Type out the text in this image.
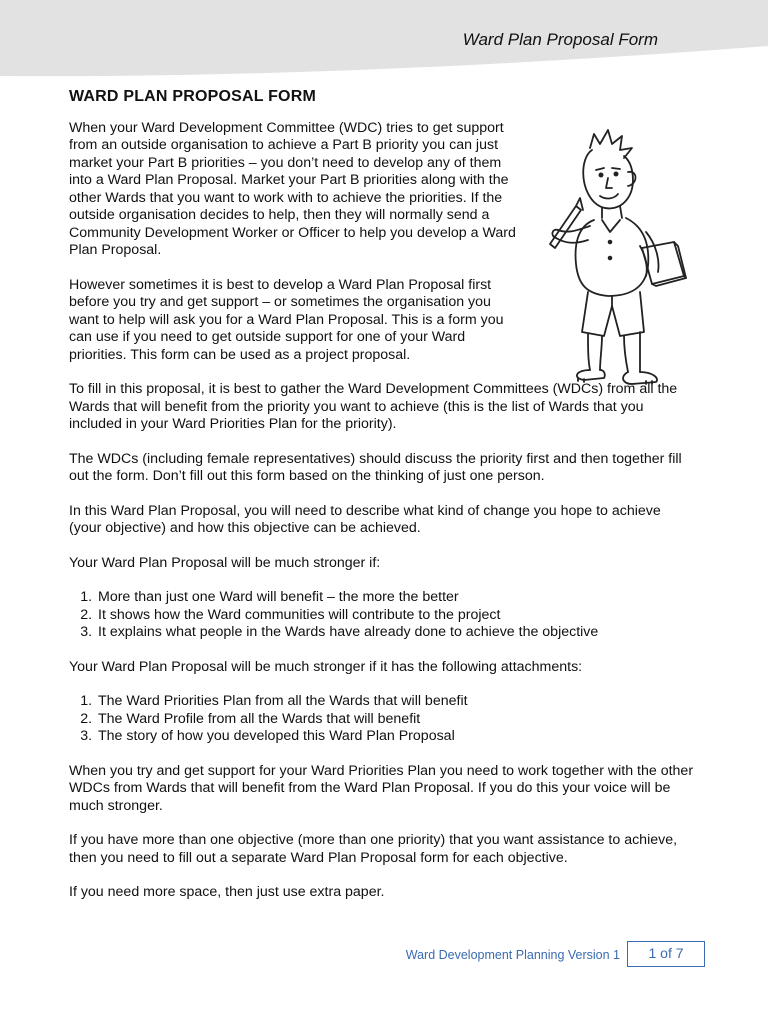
Ward Plan Proposal Form
WARD PLAN PROPOSAL FORM

When your Ward Development Committee (WDC) tries to get support from an outside organisation to achieve a Part B priority you can just market your Part B priorities – you don’t need to develop any of them into a Ward Plan Proposal. Market your Part B priorities along with the other Wards that you want to work with to achieve the priorities. If the outside organisation decides to help, then they will normally send a Community Development Worker or Officer to help you develop a Ward Plan Proposal.

However sometimes it is best to develop a Ward Plan Proposal first before you try and get support – or sometimes the organisation you want to help will ask you for a Ward Plan Proposal. This is a form you can use if you need to get outside support for one of your Ward priorities. This form can be used as a project proposal.

To fill in this proposal, it is best to gather the Ward Development Committees (WDCs) from all the Wards that will benefit from the priority you want to achieve (this is the list of Wards that you included in your Ward Priorities Plan for the priority).

The WDCs (including female representatives) should discuss the priority first and then together fill out the form. Don’t fill out this form based on the thinking of just one person.

In this Ward Plan Proposal, you will need to describe what kind of change you hope to achieve (your objective) and how this objective can be achieved.

Your Ward Plan Proposal will be much stronger if:

1. More than just one Ward will benefit – the more the better
2. It shows how the Ward communities will contribute to the project
3. It explains what people in the Wards have already done to achieve the objective

Your Ward Plan Proposal will be much stronger if it has the following attachments:

1. The Ward Priorities Plan from all the Wards that will benefit
2. The Ward Profile from all the Wards that will benefit
3. The story of how you developed this Ward Plan Proposal

When you try and get support for your Ward Priorities Plan you need to work together with the other WDCs from Wards that will benefit from the Ward Plan Proposal. If you do this your voice will be much stronger.

If you have more than one objective (more than one priority) that you want assistance to achieve, then you need to fill out a separate Ward Plan Proposal form for each objective.

If you need more space, then just use extra paper.

Ward Development Planning Version 1	1 of 7
